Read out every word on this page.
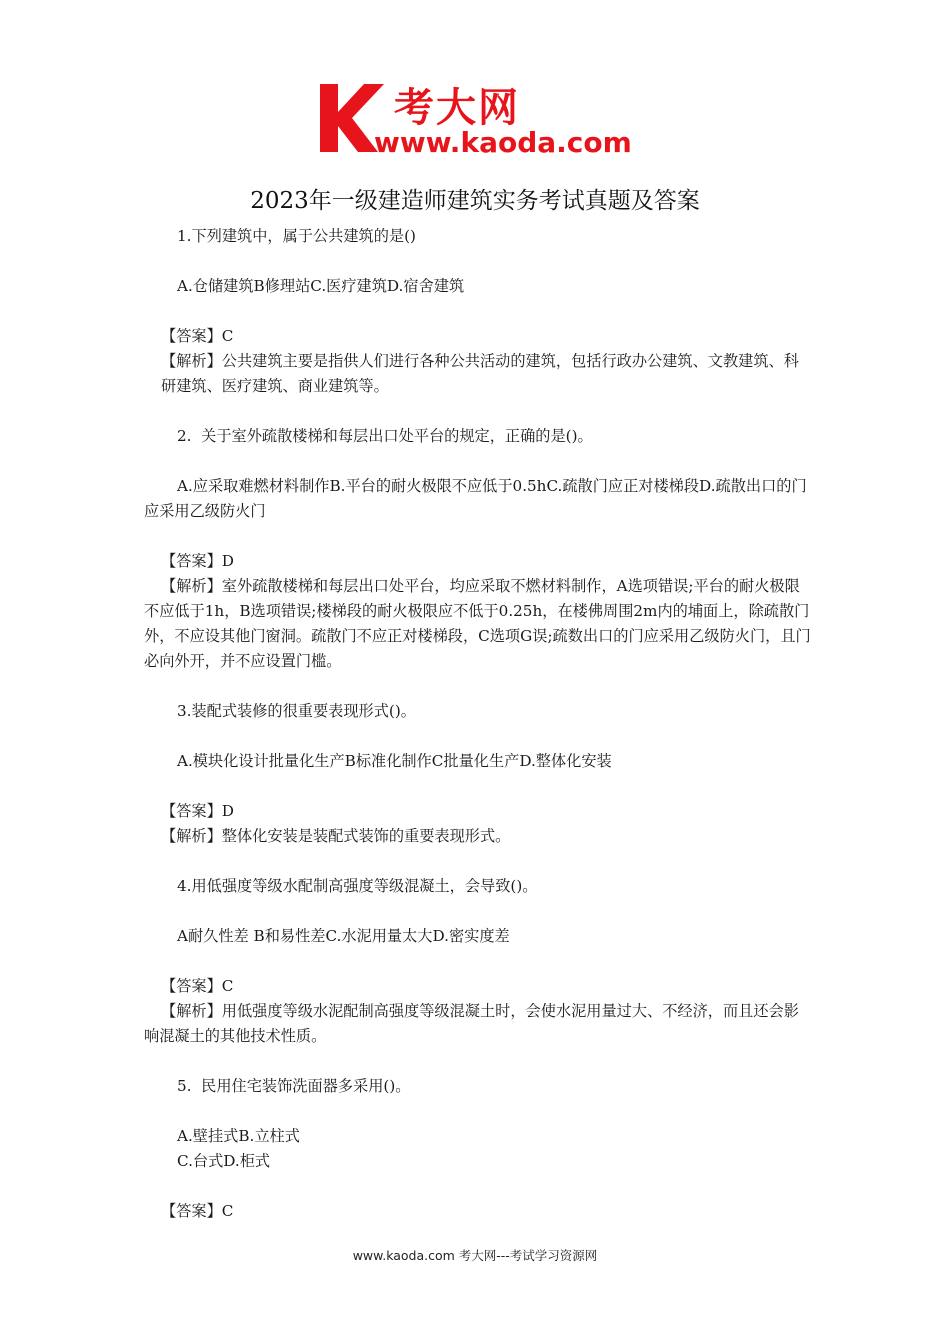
考大网
www.kaoda.com
2023年一级建造师建筑实务考试真题及答案

1.下列建筑中，属于公共建筑的是()

A.仓储建筑B修理站C.医疗建筑D.宿舍建筑

【答案】C

【解析】公共建筑主要是指供人们进行各种公共活动的建筑，包括行政办公建筑、文教建筑、科研建筑、医疗建筑、商业建筑等。

2.  关于室外疏散楼梯和每层出口处平台的规定，正确的是()。

A.应采取难燃材料制作B.平台的耐火极限不应低于0.5hC.疏散门应正对楼梯段D.疏散出口的门应采用乙级防火门

【答案】D

【解析】室外疏散楼梯和每层出口处平台，均应采取不燃材料制作，A选项错误;平台的耐火极限不应低于1h，B选项错误;楼梯段的耐火极限应不低于0.25h，在楼佛周围2m内的埔面上，除疏散门外，不应设其他门窗洞。疏散门不应正对楼梯段，C选项G误;疏数出口的门应采用乙级防火门，且门必向外开，并不应设置门槛。

3.装配式装修的很重要表现形式()。

A.模块化设计批量化生产B标准化制作C批量化生产D.整体化安装

【答案】D

【解析】整体化安装是装配式装饰的重要表现形式。

4.用低强度等级水配制高强度等级混凝土，会导致()。

A耐久性差 B和易性差C.水泥用量太大D.密实度差

【答案】C

【解析】用低强度等级水泥配制高强度等级混凝土时，会使水泥用量过大、不经济，而且还会影响混凝土的其他技术性质。

5.  民用住宅装饰洗面器多采用()。

A.壁挂式B.立柱式

C.台式D.柜式

【答案】C

www.kaoda.com 考大网---考试学习资源网
